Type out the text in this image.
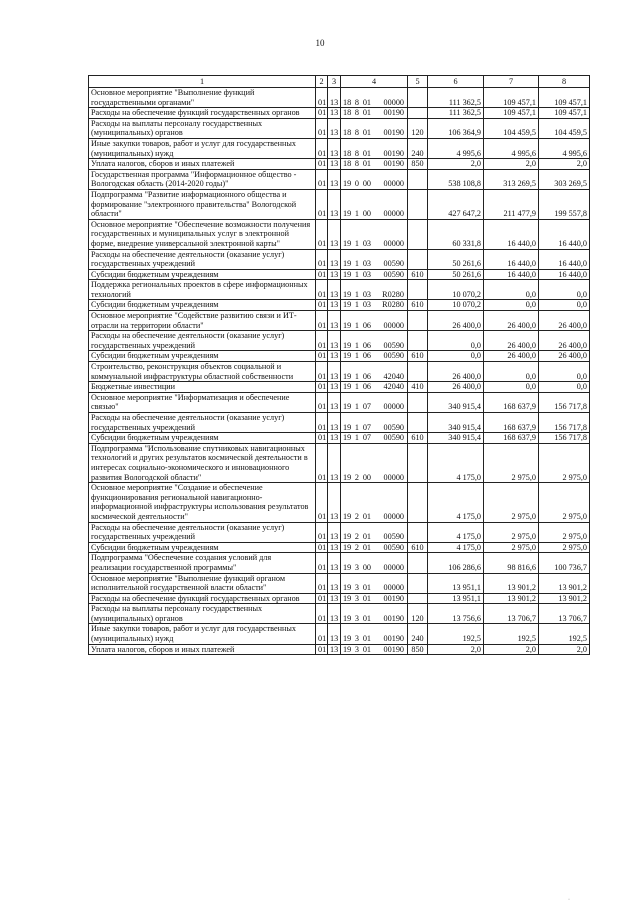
10
1	2	3	4	5	6	7	8
Основное мероприятие "Выполнение функций государственными органами"	01	13	18 8 01 00000		111 362,5	109 457,1	109 457,1
Расходы на обеспечение функций государственных органов	01	13	18 8 01 00190		111 362,5	109 457,1	109 457,1
Расходы на выплаты персоналу государственных (муниципальных) органов	01	13	18 8 01 00190	120	106 364,9	104 459,5	104 459,5
Иные закупки товаров, работ и услуг для государственных (муниципальных) нужд	01	13	18 8 01 00190	240	4 995,6	4 995,6	4 995,6
Уплата налогов, сборов и иных платежей	01	13	18 8 01 00190	850	2,0	2,0	2,0
Государственная программа "Информационное общество - Вологодская область (2014-2020 годы)"	01	13	19 0 00 00000		538 108,8	313 269,5	303 269,5
Подпрограмма "Развитие информационного общества и формирование "электронного правительства" Вологодской области"	01	13	19 1 00 00000		427 647,2	211 477,9	199 557,8
Основное мероприятие "Обеспечение возможности получения государственных и муниципальных услуг в электронной форме, внедрение универсальной электронной карты"	01	13	19 1 03 00000		60 331,8	16 440,0	16 440,0
Расходы на обеспечение деятельности (оказание услуг) государственных учреждений	01	13	19 1 03 00590		50 261,6	16 440,0	16 440,0
Субсидии бюджетным учреждениям	01	13	19 1 03 00590	610	50 261,6	16 440,0	16 440,0
Поддержка региональных проектов в сфере информационных технологий	01	13	19 1 03 R0280		10 070,2	0,0	0,0
Субсидии бюджетным учреждениям	01	13	19 1 03 R0280	610	10 070,2	0,0	0,0
Основное мероприятие "Содействие развитию связи и ИТ-отрасли на территории области"	01	13	19 1 06 00000		26 400,0	26 400,0	26 400,0
Расходы на обеспечение деятельности (оказание услуг) государственных учреждений	01	13	19 1 06 00590		0,0	26 400,0	26 400,0
Субсидии бюджетным учреждениям	01	13	19 1 06 00590	610	0,0	26 400,0	26 400,0
Строительство, реконструкция объектов социальной и коммунальной инфраструктуры областной собственности	01	13	19 1 06 42040		26 400,0	0,0	0,0
Бюджетные инвестиции	01	13	19 1 06 42040	410	26 400,0	0,0	0,0
Основное мероприятие "Информатизация и обеспечение связью"	01	13	19 1 07 00000		340 915,4	168 637,9	156 717,8
Расходы на обеспечение деятельности (оказание услуг) государственных учреждений	01	13	19 1 07 00590		340 915,4	168 637,9	156 717,8
Субсидии бюджетным учреждениям	01	13	19 1 07 00590	610	340 915,4	168 637,9	156 717,8
Подпрограмма "Использование спутниковых навигационных технологий и других результатов космической деятельности в интересах социально-экономического и инновационного развития Вологодской области"	01	13	19 2 00 00000		4 175,0	2 975,0	2 975,0
Основное мероприятие "Создание и обеспечение функционирования региональной навигационно-информационной инфраструктуры использования результатов космической деятельности"	01	13	19 2 01 00000		4 175,0	2 975,0	2 975,0
Расходы на обеспечение деятельности (оказание услуг) государственных учреждений	01	13	19 2 01 00590		4 175,0	2 975,0	2 975,0
Субсидии бюджетным учреждениям	01	13	19 2 01 00590	610	4 175,0	2 975,0	2 975,0
Подпрограмма "Обеспечение создания условий для реализации государственной программы"	01	13	19 3 00 00000		106 286,6	98 816,6	100 736,7
Основное мероприятие "Выполнение функций органом исполнительной государственной власти области"	01	13	19 3 01 00000		13 951,1	13 901,2	13 901,2
Расходы на обеспечение функций государственных органов	01	13	19 3 01 00190		13 951,1	13 901,2	13 901,2
Расходы на выплаты персоналу государственных (муниципальных) органов	01	13	19 3 01 00190	120	13 756,6	13 706,7	13 706,7
Иные закупки товаров, работ и услуг для государственных (муниципальных) нужд	01	13	19 3 01 00190	240	192,5	192,5	192,5
Уплата налогов, сборов и иных платежей	01	13	19 3 01 00190	850	2,0	2,0	2,0
·
